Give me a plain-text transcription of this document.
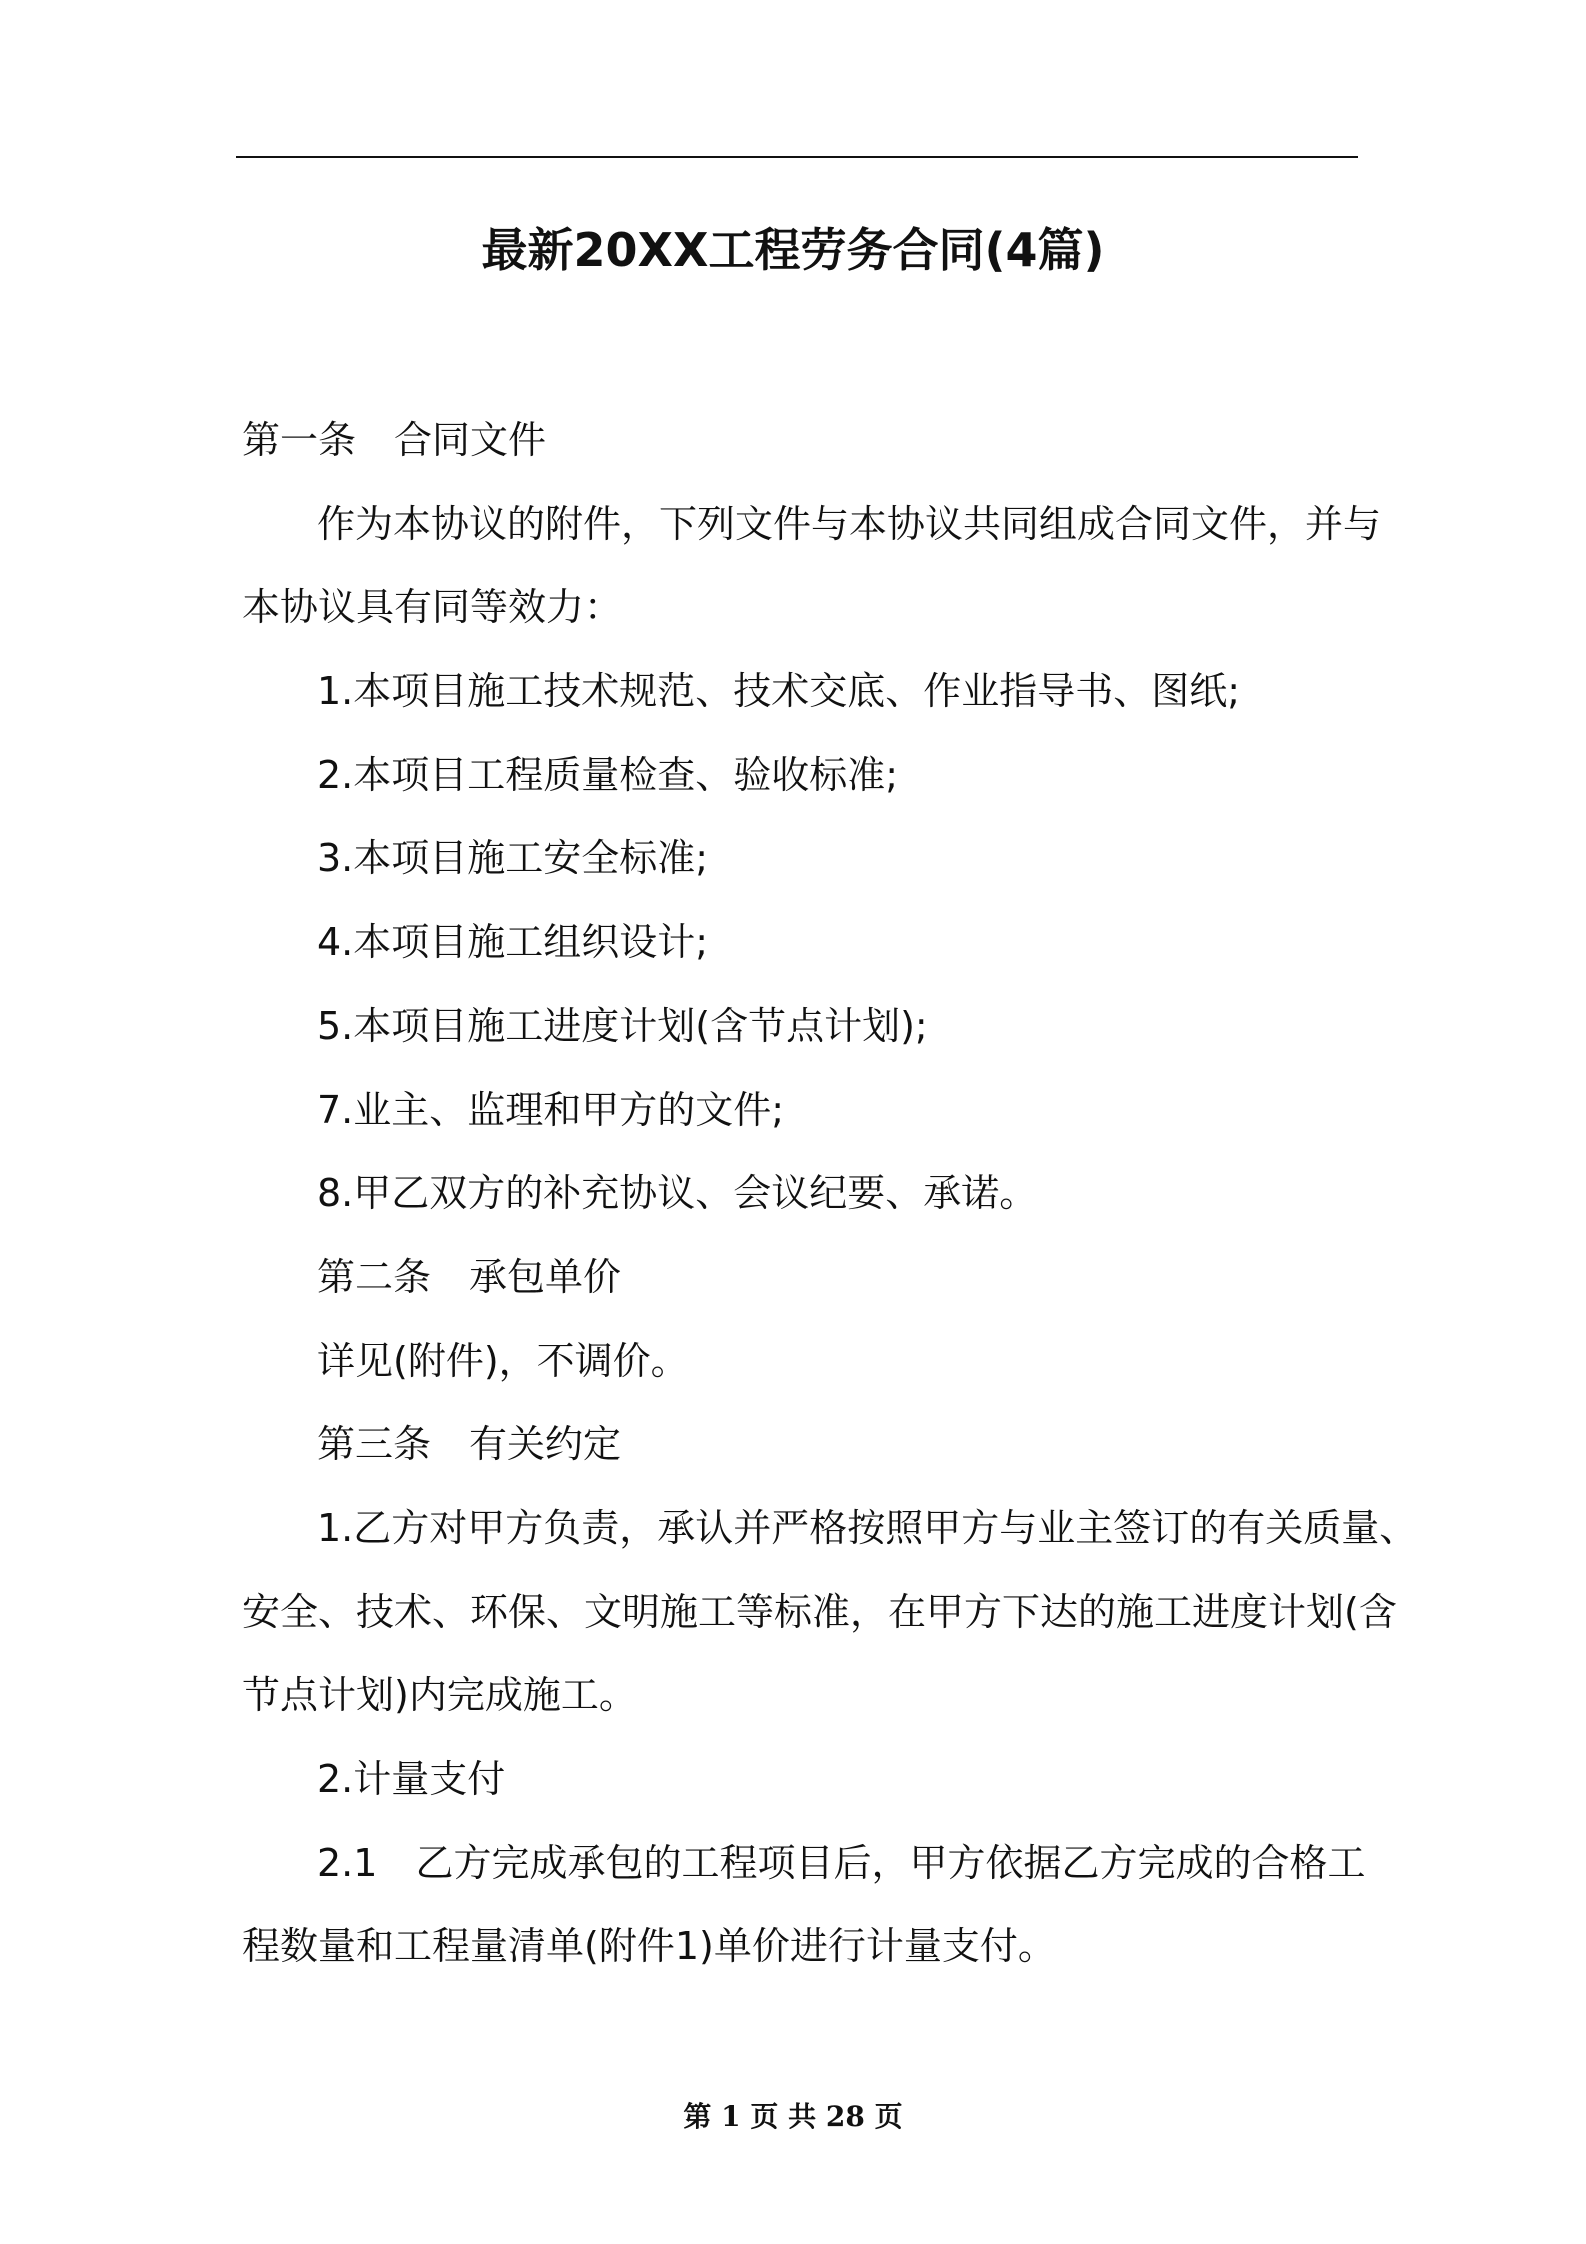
最新20XX工程劳务合同(4篇)
第一条 合同文件
作为本协议的附件，下列文件与本协议共同组成合同文件，并与
本协议具有同等效力：
1.本项目施工技术规范、技术交底、作业指导书、图纸;
2.本项目工程质量检查、验收标准;
3.本项目施工安全标准;
4.本项目施工组织设计;
5.本项目施工进度计划(含节点计划);
7.业主、监理和甲方的文件;
8.甲乙双方的补充协议、会议纪要、承诺。
第二条 承包单价
详见(附件)，不调价。
第三条 有关约定
1.乙方对甲方负责，承认并严格按照甲方与业主签订的有关质量、
安全、技术、环保、文明施工等标准，在甲方下达的施工进度计划(含
节点计划)内完成施工。
2.计量支付
2.1 乙方完成承包的工程项目后，甲方依据乙方完成的合格工
程数量和工程量清单(附件1)单价进行计量支付。
第 1 页 共 28 页
